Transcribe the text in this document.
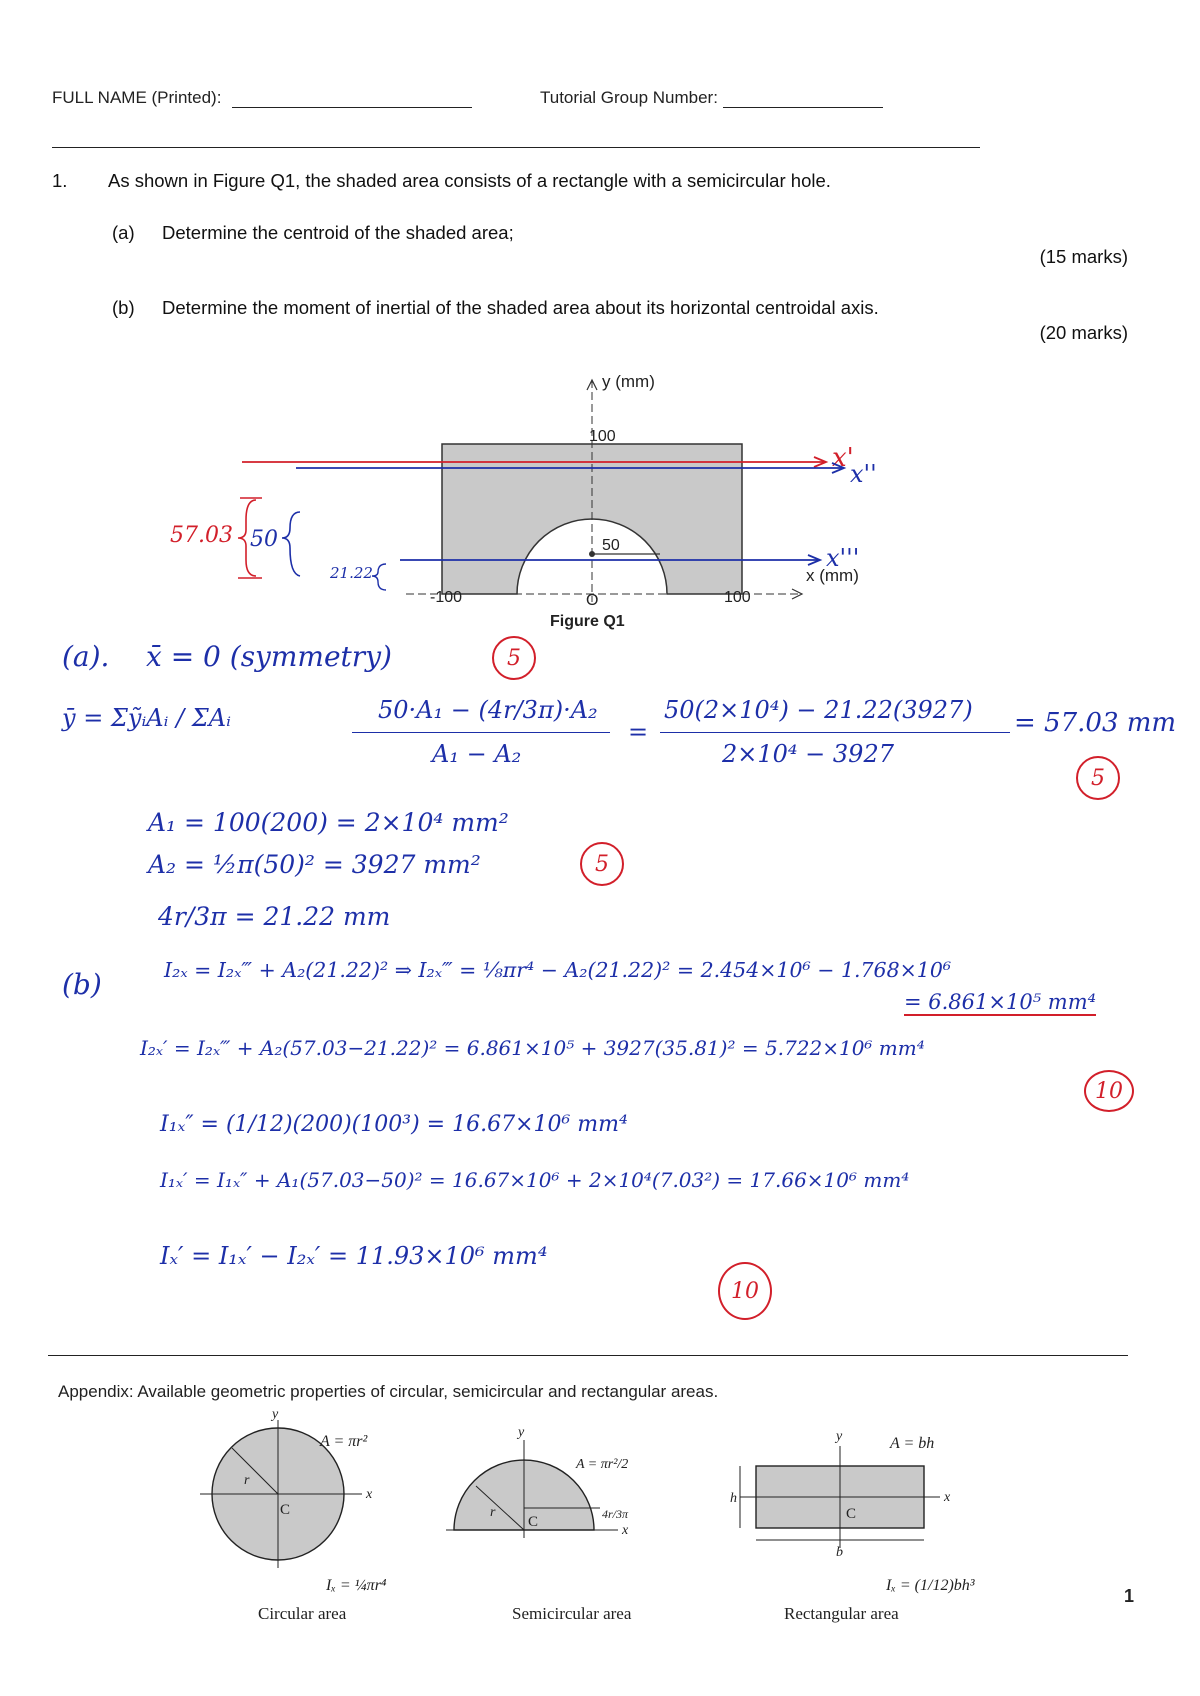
FULL NAME (Printed):	Tutorial Group Number:
1. As shown in Figure Q1, the shaded area consists of a rectangle with a semicircular hole.
(a) Determine the centroid of the shaded area;
(15 marks)
(b) Determine the moment of inertial of the shaded area about its horizontal centroidal axis.
(20 marks)
y (mm)
100
x (mm)
-100	100
O
50
x'
x''
x'''
57.03 50
21.22
Figure Q1
(a). x̄ = 0 (symmetry)	5
ȳ = ΣỹᵢAᵢ / ΣAᵢ	50·A₁ − (4r/3π)·A₂
A₁ − A₂
=
50(2×10⁴) − 21.22(3927)
2×10⁴ − 3927
= 57.03 mm
5
A₁ = 100(200) = 2×10⁴ mm²
A₂ = ½π(50)² = 3927 mm²	5
4r/3π = 21.22 mm
(b)	I₂ₓ = I₂ₓ‴ + A₂(21.22)² ⇒ I₂ₓ‴ = ⅛πr⁴ − A₂(21.22)² = 2.454×10⁶ − 1.768×10⁶
= 6.861×10⁵ mm⁴
I₂ₓ′ = I₂ₓ‴ + A₂(57.03−21.22)² = 6.861×10⁵ + 3927(35.81)² = 5.722×10⁶ mm⁴
10
I₁ₓ″ = (1/12)(200)(100³) = 16.67×10⁶ mm⁴
I₁ₓ′ = I₁ₓ″ + A₁(57.03−50)² = 16.67×10⁶ + 2×10⁴(7.03²) = 17.66×10⁶ mm⁴
Iₓ′ = I₁ₓ′ − I₂ₓ′ = 11.93×10⁶ mm⁴
10
Appendix: Available geometric properties of circular, semicircular and rectangular areas.
A = πr²
C
x
y
r
Iₓ = ¼πr⁴
A = πr²/2
4r/3π
C
x
y
r
A = bh
C
x
y
h
b
Iₓ = (1/12)bh³
Circular area	Semicircular area	Rectangular area
1
